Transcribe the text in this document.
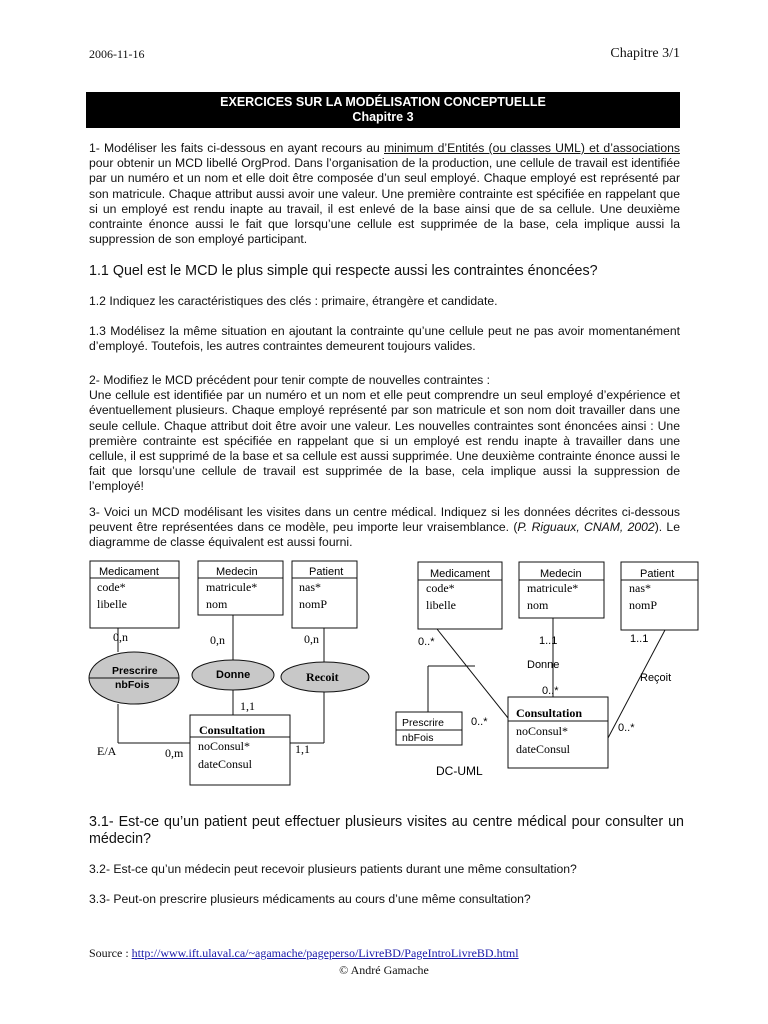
2006-11-16	Chapitre 3/1
EXERCICES SUR LA MODÉLISATION CONCEPTUELLE
Chapitre 3
1- Modéliser les faits ci-dessous en ayant recours au minimum d’Entités (ou classes UML) et d’associations pour obtenir un MCD libellé OrgProd. Dans l’organisation de la production, une cellule de travail est identifiée par un numéro et un nom et elle doit être composée d’un seul employé. Chaque employé est représenté par son matricule. Chaque attribut aussi avoir une valeur. Une première contrainte est spécifiée en rappelant que si un employé est rendu inapte au travail, il est enlevé de la base ainsi que de sa cellule. Une deuxième contrainte énonce aussi le fait que lorsqu’une cellule est supprimée de la base, cela implique aussi la suppression de son employé participant.
1.1 Quel est le MCD le plus simple qui respecte aussi les contraintes énoncées?
1.2 Indiquez les caractéristiques des clés : primaire, étrangère et candidate.
1.3 Modélisez la même situation en ajoutant la contrainte qu’une cellule peut ne pas avoir momentanément d’employé. Toutefois, les autres contraintes demeurent toujours valides.
2- Modifiez le MCD précédent pour tenir compte de nouvelles contraintes :
Une cellule est identifiée par un numéro et un nom et elle peut comprendre un seul employé d’expérience et éventuellement plusieurs. Chaque employé représenté par son matricule et son nom doit travailler dans une seule cellule. Chaque attribut doit être avoir une valeur. Les nouvelles contraintes sont énoncées ainsi : Une première contrainte est spécifiée en rappelant que si un employé est rendu inapte à travailler dans une cellule, il est supprimé de la base et sa cellule est aussi supprimée. Une deuxième contrainte énonce aussi le fait que lorsqu’une cellule de travail est supprimée de la base, cela implique aussi la suppression de l’employé!
3- Voici un MCD modélisant les visites dans un centre médical. Indiquez si les données décrites ci-dessous peuvent être représentées dans ce modèle, peu importe leur vraisemblance. (P. Riguaux, CNAM, 2002). Le diagramme de classe équivalent est aussi fourni.
Medicament
code*
libelle
Medecin
matricule*
nom
Patient
nas*
nomP
Consultation
noConsul*
dateConsul
Prescrire
nbFois
Donne	Recoit
0,n	0,n	0,n
1,1
0,m	1,1
E/A
Medicament
code*
libelle
Medecin
matricule*
nom
Patient
nas*
nomP
Consultation
noConsul*
dateConsul
Prescrire
nbFois
Donne
Reçoit
0..*	1..1	1..1
0..*
0..*	0..*
DC-UML
3.1- Est-ce qu’un patient peut effectuer plusieurs visites au centre médical pour consulter un médecin?
3.2- Est-ce qu’un médecin peut recevoir plusieurs patients durant une même consultation?
3.3- Peut-on prescrire plusieurs médicaments au cours d’une même consultation?
Source : http://www.ift.ulaval.ca/~agamache/pageperso/LivreBD/PageIntroLivreBD.html
© André Gamache
